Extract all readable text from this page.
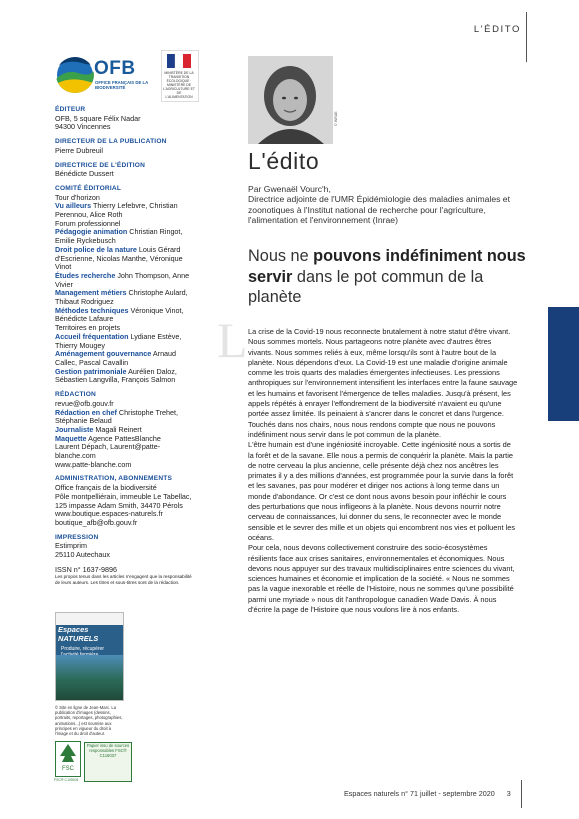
L'ÉDITO
OFB
OFFICE FRANÇAIS DE LA BIODIVERSITÉ
MINISTÈRE DE LA TRANSITION ÉCOLOGIQUE · MINISTÈRE DE L'AGRICULTURE ET DE L'ALIMENTATION
ÉDITEUR
OFB, 5 square Félix Nadar
94300 Vincennes
DIRECTEUR DE LA PUBLICATION
Pierre Dubreuil
DIRECTRICE DE L'ÉDITION
Bénédicte Dussert
COMITÉ ÉDITORIAL
Tour d'horizon
Vu ailleurs Thierry Lefebvre, Christian Perennou, Alice Roth
Forum professionnel
Pédagogie animation Christian Ringot, Emilie Ryckebusch
Droit police de la nature Louis Gérard d'Escrienne, Nicolas Manthe, Véronique Vinot
Études recherche John Thompson, Anne Vivier
Management métiers Christophe Aulard, Thibaut Rodriguez
Méthodes techniques Véronique Vinot, Bénédicte Lafaure
Territoires en projets
Accueil fréquentation Lydiane Estève, Thierry Mougey
Aménagement gouvernance Arnaud Callec, Pascal Cavallin
Gestion patrimoniale Aurélien Daloz, Sébastien Langvilla, François Salmon
RÉDACTION
revue@ofb.gouv.fr
Rédaction en chef Christophe Trehet, Stéphanie Belaud
Journaliste Magali Reinert
Maquette Agence PattesBlanche
Laurent Dépach, Laurent@patte-blanche.com
www.patte-blanche.com
ADMINISTRATION, ABONNEMENTS
Office français de la biodiversité
Pôle montpelliérain, immeuble Le Tabellac,
125 impasse Adam Smith, 34470 Pérols
www.boutique.espaces-naturels.fr
boutique_afb@ofb.gouv.fr
IMPRESSION
Estimprim
25110 Autechaux
ISSN n° 1637-9896
Les propos tenus dans les articles n'engagent que la responsabilité de leurs auteurs. Les titres et sous-titres sont de la rédaction.
Espaces NATURELS
Produire, récupérer
© Site en ligne de Jean-Marc. La publication d'images (dessins, portraits, reportages, photographies, animations...) est soumise aux principes en vigueur du droit à l'image et du droit d'auteur.
FSC
FSC® C105031
Papier issu de sources responsables FSC® C116037
© INRAE
L'édito
Par Gwenaël Vourc'h,
Directrice adjointe de l'UMR Épidémiologie des maladies animales et zoonotiques à l'Institut national de recherche pour l'agriculture, l'alimentation et l'environnement (Inrae)
Nous ne pouvons indéfiniment nous servir dans le pot commun de la planète
L La crise de la Covid-19 nous reconnecte brutalement à notre statut d'être vivant. Nous sommes mortels. Nous partageons notre planète avec d'autres êtres vivants. Nous sommes reliés à eux, même lorsqu'ils sont à l'autre bout de la planète. Nous dépendons d'eux. La Covid-19 est une maladie d'origine animale comme les trois quarts des maladies émergentes infectieuses. Les pressions anthropiques sur l'environnement intensifient les interfaces entre la faune sauvage et les humains et favorisent l'émergence de telles maladies. Jusqu'à présent, les appels répétés à enrayer l'effondrement de la biodiversité n'avaient eu qu'une portée assez limitée. Ils peinaient à s'ancrer dans le concret et dans l'urgence. Touchés dans nos chairs, nous nous rendons compte que nous ne pouvons indéfiniment nous servir dans le pot commun de la planète.

L'être humain est d'une ingéniosité incroyable. Cette ingéniosité nous a sortis de la forêt et de la savane. Elle nous a permis de conquérir la planète. Mais la partie de notre cerveau la plus ancienne, celle présente déjà chez nos ancêtres les primates il y a des millions d'années, est programmée pour la survie dans la forêt et les savanes, pas pour modérer et diriger nos actions à long terme dans un monde d'abondance. Or c'est ce dont nous avons besoin pour infléchir le cours des perturbations que nous infligeons à la planète. Nous devons nourrir notre cerveau de connaissances, lui donner du sens, le reconnecter avec le monde sensible et le sevrer des mille et un objets qui encombrent nos vies et polluent les océans.

Pour cela, nous devons collectivement construire des socio-écosystèmes résilients face aux crises sanitaires, environnementales et économiques. Nous devons nous appuyer sur des travaux multidisciplinaires entre sciences du vivant, sciences humaines et économie et implication de la société. « Nous ne sommes pas la vague inexorable et réelle de l'Histoire, nous ne sommes qu'une possibilité parmi une myriade » nous dit l'anthropologue canadien Wade Davis. À nous d'écrire la page de l'Histoire que nous voulons lire à nos enfants.

Espaces naturels n° 71 juillet - septembre 2020 3
